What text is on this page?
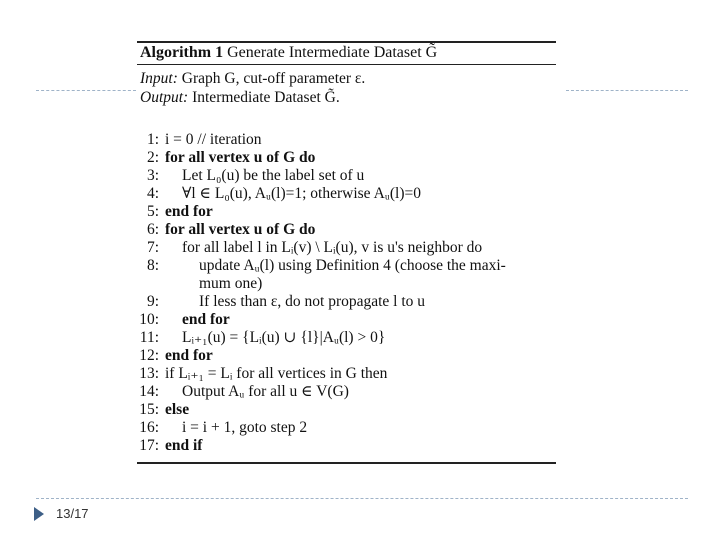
13/17
Algorithm 1 Generate Intermediate Dataset G̃
Input: Graph G, cut-off parameter ε.
Output: Intermediate Dataset G̃.
1: i = 0 // iteration
2: for all vertex u of G do
3: Let L₀(u) be the label set of u
4: ∀l ∈ L₀(u), Aᵤ(l)=1; otherwise Aᵤ(l)=0
5: end for
6: for all vertex u of G do
7: for all label l in Lᵢ(v) \ Lᵢ(u), v is u's neighbor do
8:	update Aᵤ(l) using Definition 4 (choose the maxi-
mum one)
9:	If less than ε, do not propagate l to u
10: end for
11: Lᵢ₊₁(u) = {Lᵢ(u) ∪ {l}|Aᵤ(l) > 0}
12: end for
13: if Lᵢ₊₁ = Lᵢ for all vertices in G then
14: Output Aᵤ for all u ∈ V(G)
15: else
16: i = i + 1, goto step 2
17: end if
